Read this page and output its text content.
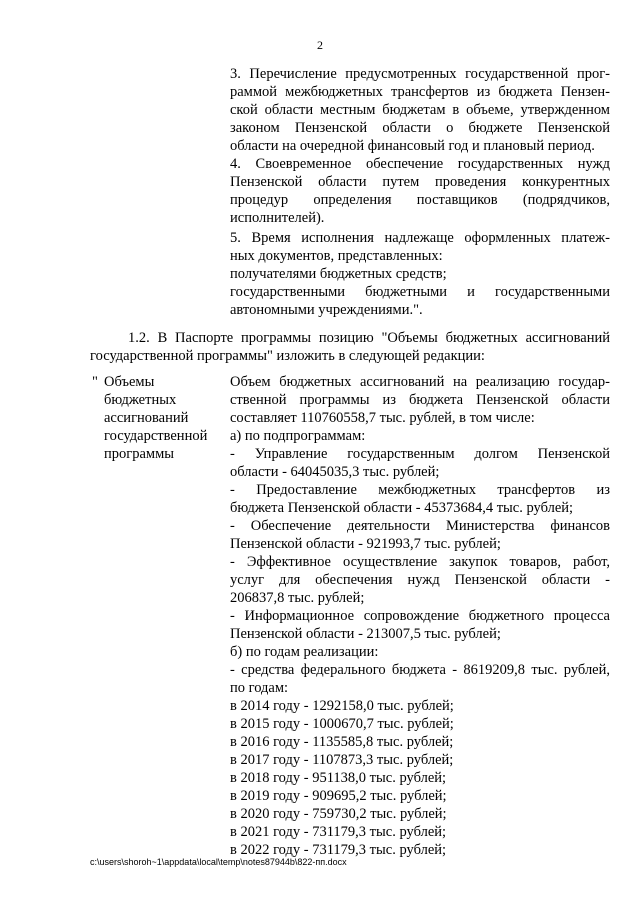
2
3. Перечисление предусмотренных государственной прог-
раммой межбюджетных трансфертов из бюджета Пензен-
ской области местным бюджетам в объеме, утвержденном
законом Пензенской области о бюджете Пензенской
области на очередной финансовый год и плановый период.
4. Своевременное обеспечение государственных нужд
Пензенской области путем проведения конкурентных
процедур определения поставщиков (подрядчиков,
исполнителей).
5. Время исполнения надлежаще оформленных платеж-
ных документов, представленных:
получателями бюджетных средств;
государственными бюджетными и государственными
автономными учреждениями.".
1.2. В Паспорте программы позицию "Объемы бюджетных ассигнований
государственной программы" изложить в следующей редакции:
" Объемы
бюджетных
ассигнований
государственной
программы
Объем бюджетных ассигнований на реализацию государ-
ственной программы из бюджета Пензенской области
составляет 110760558,7 тыс. рублей, в том числе:
а) по подпрограммам:
- Управление государственным долгом Пензенской
области - 64045035,3 тыс. рублей;
- Предоставление межбюджетных трансфертов из
бюджета Пензенской области - 45373684,4 тыс. рублей;
- Обеспечение деятельности Министерства финансов
Пензенской области - 921993,7 тыс. рублей;
- Эффективное осуществление закупок товаров, работ,
услуг для обеспечения нужд Пензенской области -
206837,8 тыс. рублей;
- Информационное сопровождение бюджетного процесса
Пензенской области - 213007,5 тыс. рублей;
б) по годам реализации:
- средства федерального бюджета - 8619209,8 тыс. рублей,
по годам:
в 2014 году - 1292158,0 тыс. рублей;
в 2015 году - 1000670,7 тыс. рублей;
в 2016 году - 1135585,8 тыс. рублей;
в 2017 году - 1107873,3 тыс. рублей;
в 2018 году - 951138,0 тыс. рублей;
в 2019 году - 909695,2 тыс. рублей;
в 2020 году - 759730,2 тыс. рублей;
в 2021 году - 731179,3 тыс. рублей;
в 2022 году - 731179,3 тыс. рублей;
c:\users\shoroh~1\appdata\local\temp\notes87944b\822-пп.docx
